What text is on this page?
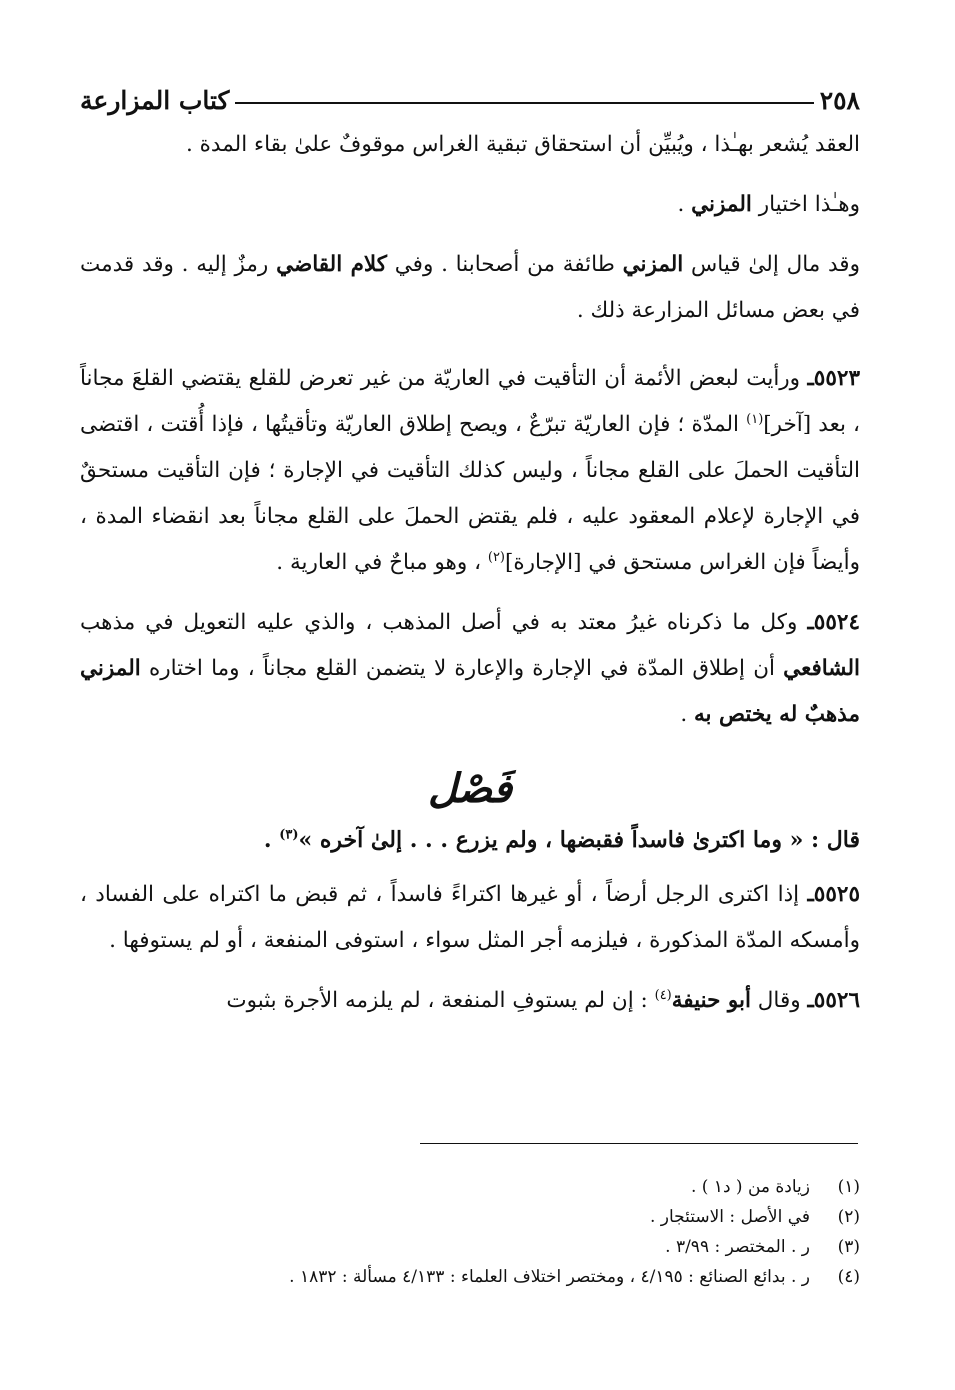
٢٥٨
كتاب المزارعة

العقد يُشعر بهـٰذا ، ويُبيِّن أن استحقاق تبقية الغراس موقوفٌ علىٰ بقاء المدة .

وهـٰذا اختيار المزني .

وقد مال إلىٰ قياس المزني طائفة من أصحابنا . وفي كلام القاضي رمزٌ إليه . وقد قدمت في بعض مسائل المزارعة ذلك .

٥٥٢٣ـ ورأيت لبعض الأئمة أن التأقيت في العاريّة من غير تعرض للقلع يقتضي القلعَ مجاناً ، بعد [آخر]$^{(١)}$ المدّة ؛ فإن العاريّة تبرّعٌ ، ويصح إطلاق العاريّة وتأقيتُها ، فإذا أُقتت ، اقتضى التأقيت الحملَ على القلع مجاناً ، وليس كذلك التأقيت في الإجارة ؛ فإن التأقيت مستحقٌ في الإجارة لإعلام المعقود عليه ، فلم يقتض الحملَ على القلع مجاناً بعد انقضاء المدة ، وأيضاً فإن الغراس مستحق في [الإجارة]$^{(٢)}$ ، وهو مباحٌ في العارية .

٥٥٢٤ـ وكل ما ذكرناه غيرُ معتد به في أصل المذهب ، والذي عليه التعويل في مذهب الشافعي أن إطلاق المدّة في الإجارة والإعارة لا يتضمن القلع مجاناً ، وما اختاره المزني مذهبٌ له يختص به .

فَصْل

قال : « وما اكترىٰ فاسداً فقبضها ، ولم يزرع . . . إلىٰ آخره »$^{(٣)}$ .

٥٥٢٥ـ إذا اكترى الرجل أرضاً ، أو غيرها اكتراءً فاسداً ، ثم قبض ما اكتراه على الفساد ، وأمسكه المدّة المذكورة ، فيلزمه أجر المثل سواء ، استوفى المنفعة ، أو لم يستوفها .

٥٥٢٦ـ وقال أبو حنيفة$^{(٤)}$ : إن لم يستوفِ المنفعة ، لم يلزمه الأجرة بثبوت

(١)زيادة من ( د١ ) .

(٢)في الأصل : الاستئجار .

(٣)ر . المختصر : ٣/٩٩ .

(٤)ر . بدائع الصنائع : ٤/١٩٥ ، ومختصر اختلاف العلماء : ٤/١٣٣ مسألة : ١٨٣٢ .
